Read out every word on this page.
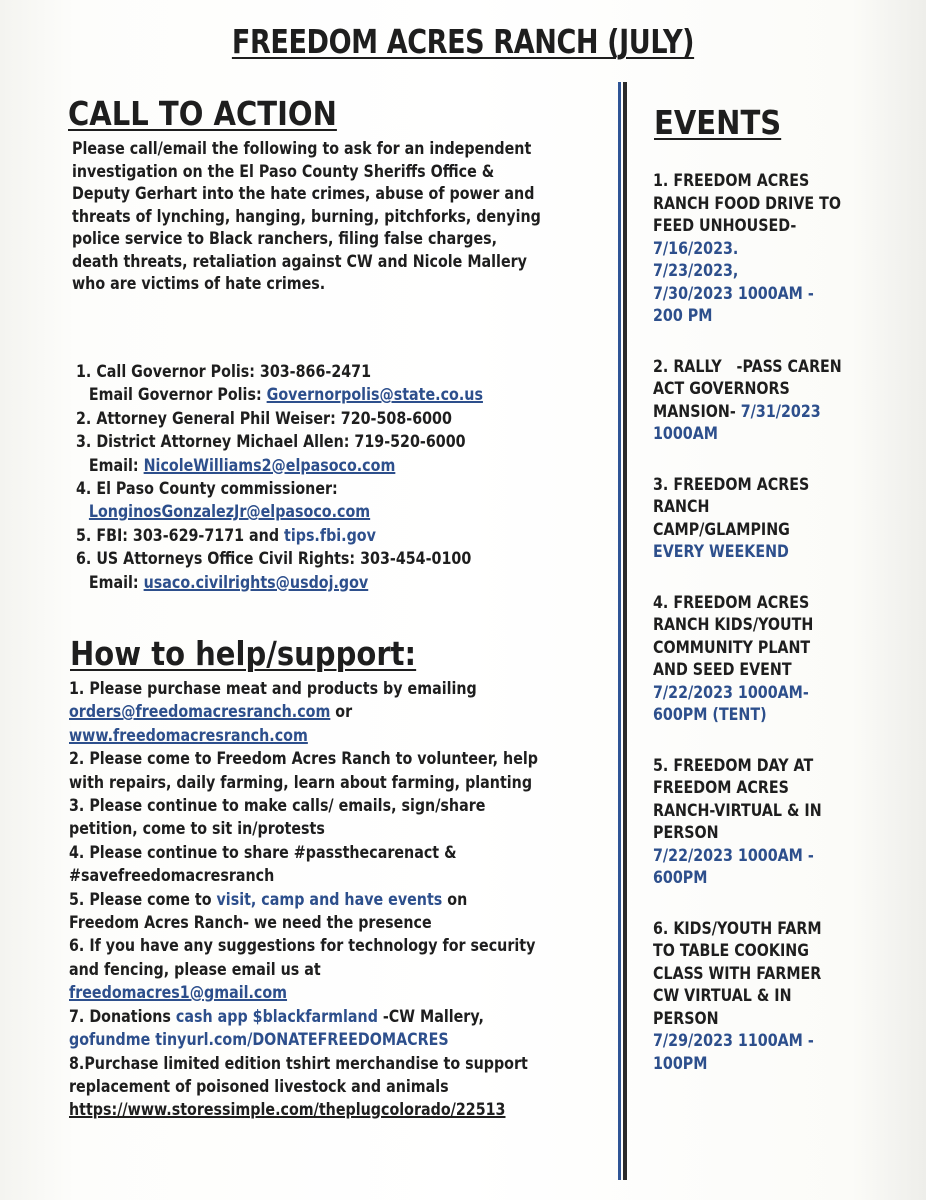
FREEDOM ACRES RANCH (JULY)
CALL TO ACTION
Please call/email the following to ask for an independent
investigation on the El Paso County Sheriffs Office &
Deputy Gerhart into the hate crimes, abuse of power and
threats of lynching, hanging, burning, pitchforks, denying
police service to Black ranchers, filing false charges,
death threats, retaliation against CW and Nicole Mallery
who are victims of hate crimes.
1. Call Governor Polis: 303-866-2471
Email Governor Polis: Governorpolis@state.co.us
2. Attorney General Phil Weiser: 720-508-6000
3. District Attorney Michael Allen: 719-520-6000
Email: NicoleWilliams2@elpasoco.com
4. El Paso County commissioner:
LonginosGonzalezJr@elpasoco.com
5. FBI: 303-629-7171 and tips.fbi.gov
6. US Attorneys Office Civil Rights: 303-454-0100
Email: usaco.civilrights@usdoj.gov
How to help/support:
1. Please purchase meat and products by emailing
orders@freedomacresranch.com or
www.freedomacresranch.com
2. Please come to Freedom Acres Ranch to volunteer, help
with repairs, daily farming, learn about farming, planting
3. Please continue to make calls/ emails, sign/share
petition, come to sit in/protests
4. Please continue to share #passthecarenact &
#savefreedomacresranch
5. Please come to visit, camp and have events on
Freedom Acres Ranch- we need the presence
6. If you have any suggestions for technology for security
and fencing, please email us at
freedomacres1@gmail.com
7. Donations cash app $blackfarmland -CW Mallery,
gofundme tinyurl.com/DONATEFREEDOMACRES
8.Purchase limited edition tshirt merchandise to support
replacement of poisoned livestock and animals
https://www.storessimple.com/theplugcolorado/22513
EVENTS
1. FREEDOM ACRES
RANCH FOOD DRIVE TO
FEED UNHOUSED-
7/16/2023.
7/23/2023,
7/30/2023 1000AM -
200 PM
2. RALLY   -PASS CAREN
ACT GOVERNORS
MANSION- 7/31/2023
1000AM
3. FREEDOM ACRES
RANCH
CAMP/GLAMPING
EVERY WEEKEND
4. FREEDOM ACRES
RANCH KIDS/YOUTH
COMMUNITY PLANT
AND SEED EVENT
7/22/2023 1000AM-
600PM (TENT)
5. FREEDOM DAY AT
FREEDOM ACRES
RANCH-VIRTUAL & IN
PERSON
7/22/2023 1000AM -
600PM
6. KIDS/YOUTH FARM
TO TABLE COOKING
CLASS WITH FARMER
CW VIRTUAL & IN
PERSON
7/29/2023 1100AM -
100PM
